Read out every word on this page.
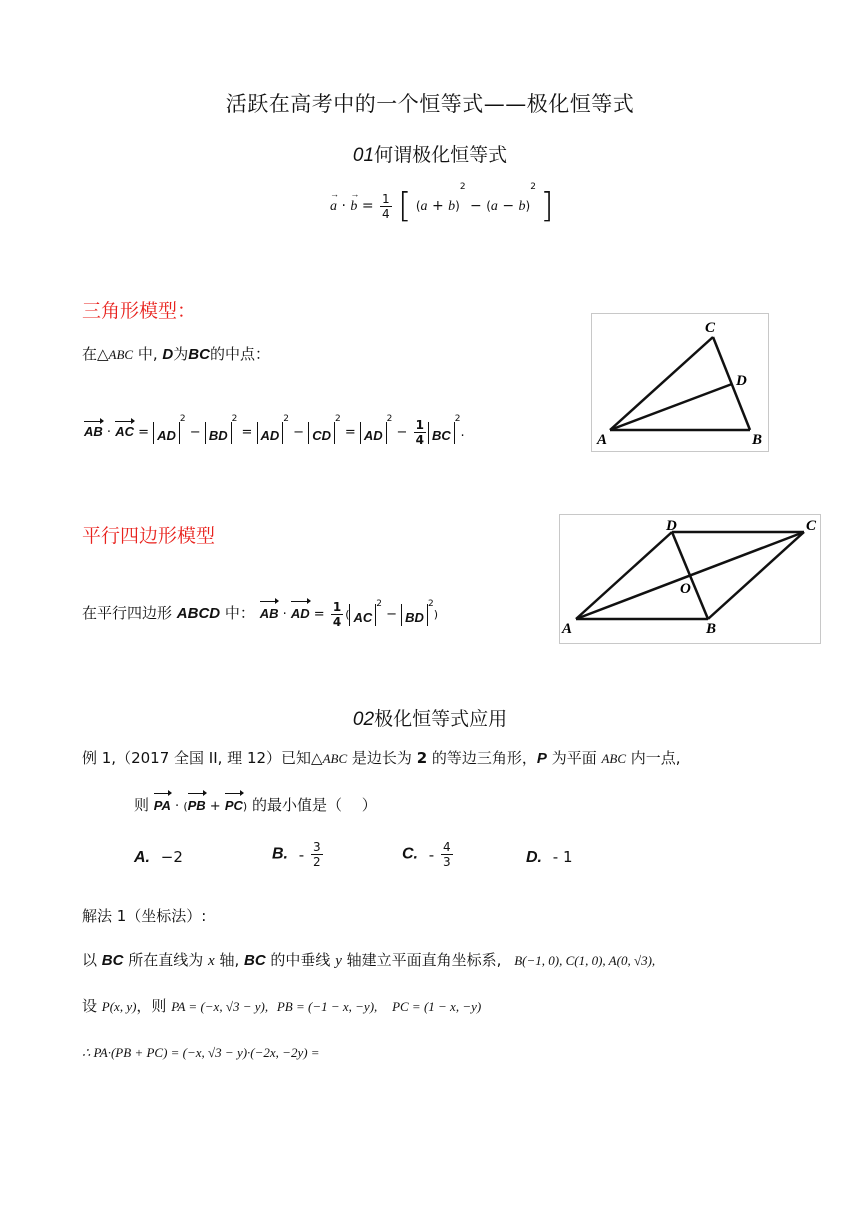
活跃在高考中的一个恒等式——极化恒等式
01何谓极化恒等式
a
→
· b
→
= $\frac{1}{4}$ [ $(a + b)^2 - (a - b)^2$ ]
三角形模型：
在△ABC 中, D为BC的中点：
AB · AC = $AD^2 - BD^2 = AD^2 - CD^2 = AD^2 - \frac{1}{4} BC^2$.	A	B
C
D
平行四边形模型
在平行四边形 ABCD 中： AB · AD = $\frac{1}{4}$ ( $AC^2 - BD^2$)
A	B
C
D
O
02极化恒等式应用
例 1,（2017 全国 II, 理 12）已知△ABC 是边长为 2 的等边三角形，P 为平面 ABC 内一点,
则 PA · (PB + PC) 的最小值是（　 ）
A. −2	B. - $\frac{3}{2}$	C. - $\frac{4}{3}$	D. - 1
解法 1（坐标法）:
以 BC 所在直线为 x 轴, BC 的中垂线 y 轴建立平面直角坐标系, B(−1, 0), C(1, 0), A(0, √3),
设 P(x, y)，则 PA = (−x, √3 − y), PB = (−1 − x, −y), PC = (1 − x, −y)
∴ PA·(PB + PC) = (−x, √3 − y)·(−2x, −2y) =
